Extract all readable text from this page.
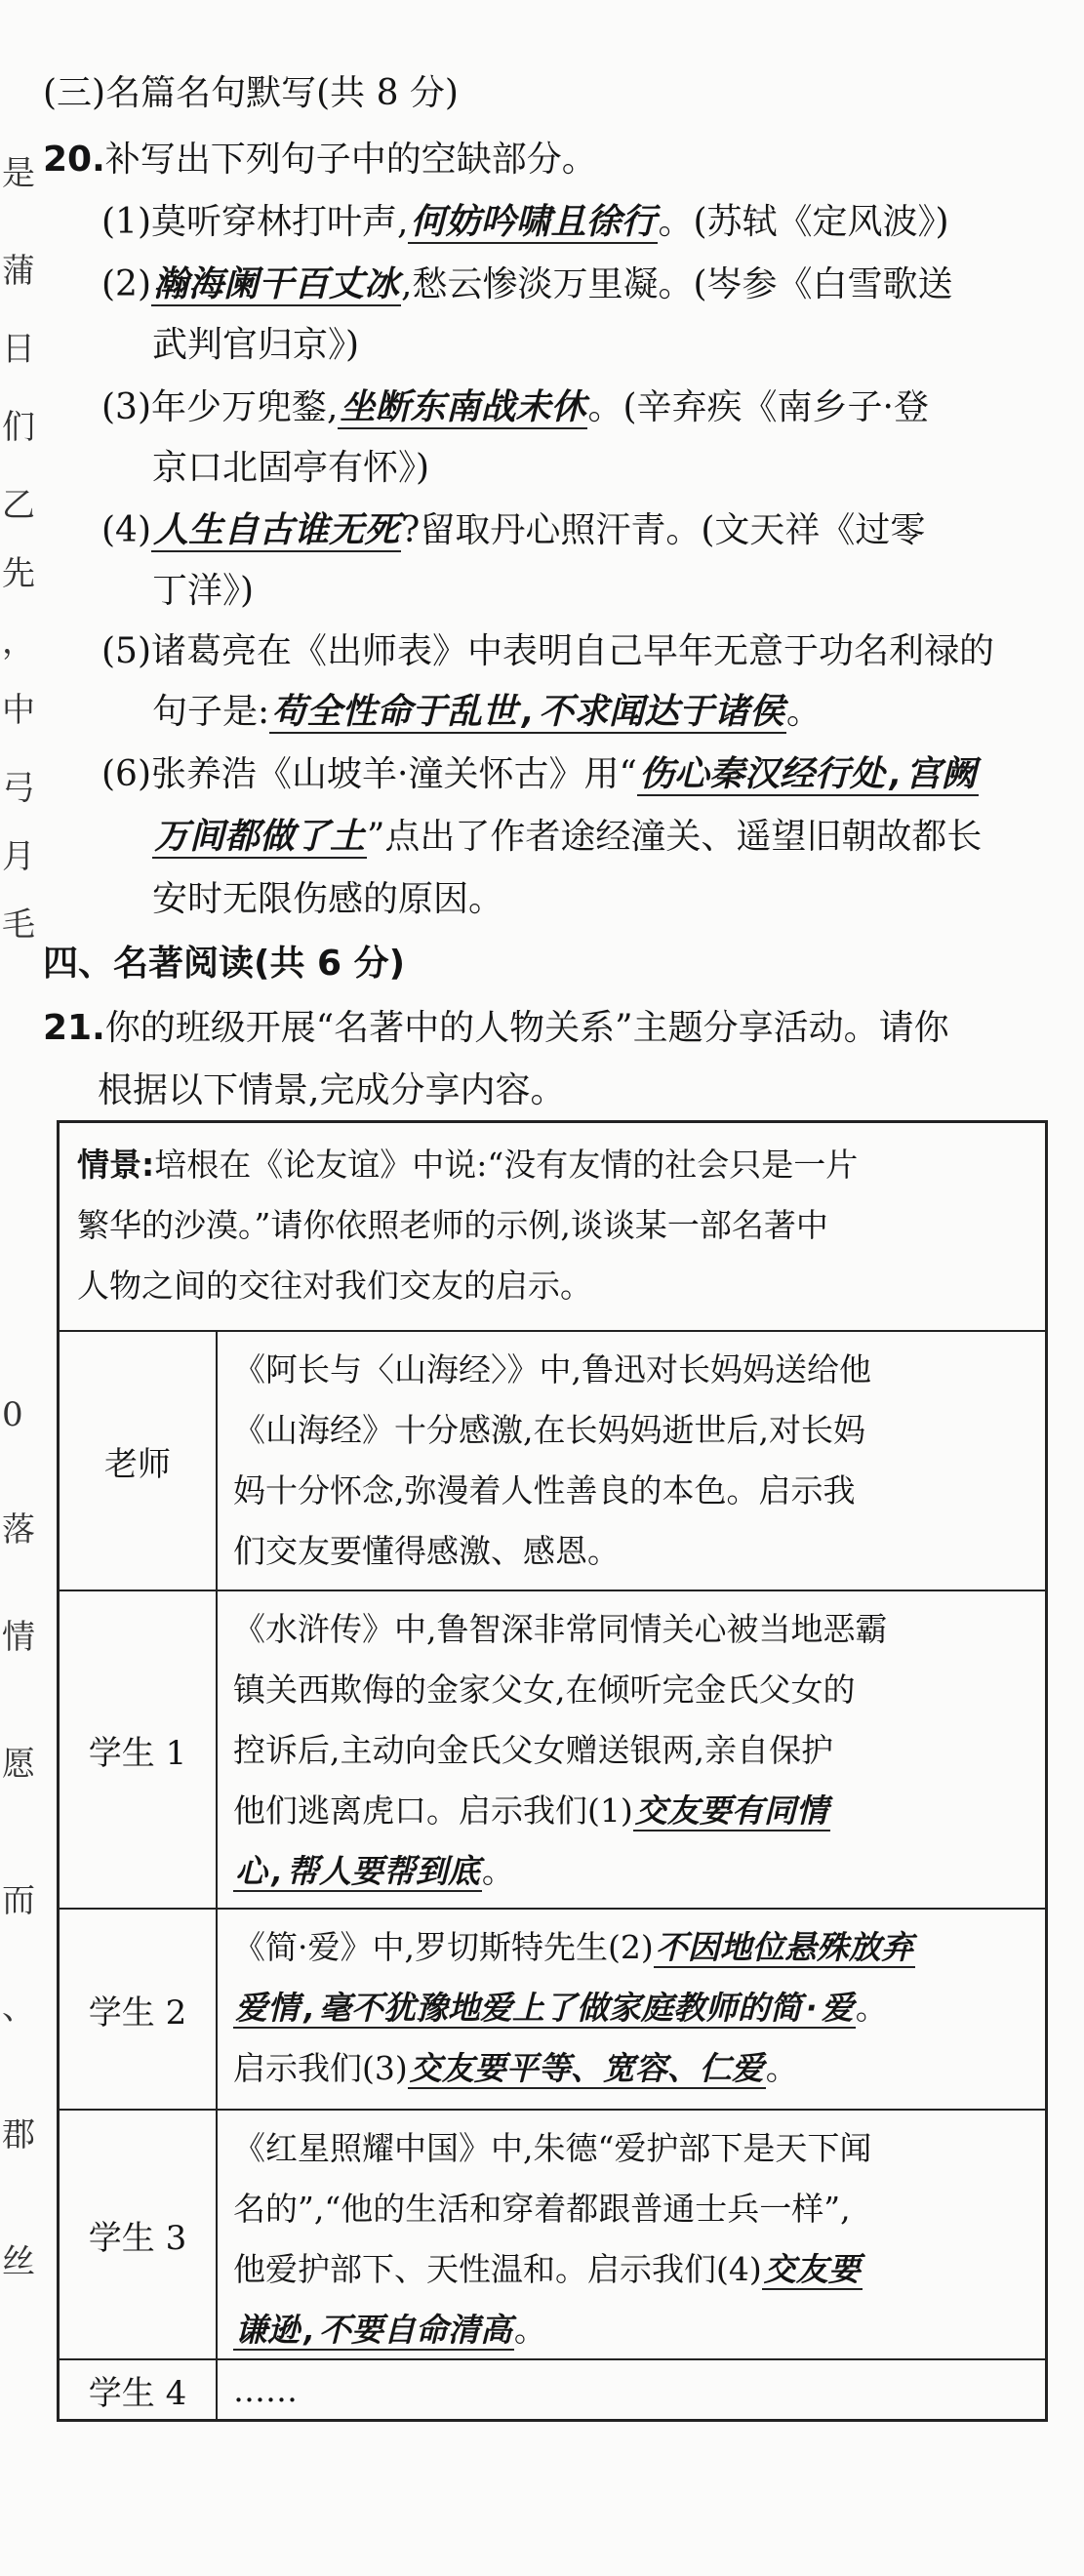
是
蒲
日
们
乙
先
，
中
弓
月
毛
0
落
情
愿
而
、
郡
丝
(三)名篇名句默写(共 8 分)
20.补写出下列句子中的空缺部分。
(1)莫听穿林打叶声,何妨吟啸且徐行。(苏轼《定风波》)
(2)瀚海阑干百丈冰,愁云惨淡万里凝。(岑参《白雪歌送
武判官归京》)
(3)年少万兜鍪,坐断东南战未休。(辛弃疾《南乡子·登
京口北固亭有怀》)
(4)人生自古谁无死?留取丹心照汗青。(文天祥《过零
丁洋》)
(5)诸葛亮在《出师表》中表明自己早年无意于功名利禄的
句子是:苟全性命于乱世,不求闻达于诸侯。
(6)张养浩《山坡羊·潼关怀古》用“伤心秦汉经行处,宫阙
万间都做了土”点出了作者途经潼关、遥望旧朝故都长
安时无限伤感的原因。
四、名著阅读(共 6 分)
21.你的班级开展“名著中的人物关系”主题分享活动。请你
根据以下情景,完成分享内容。
情景:培根在《论友谊》中说:“没有友情的社会只是一片
繁华的沙漠。”请你依照老师的示例,谈谈某一部名著中
人物之间的交往对我们交友的启示。
老师
《阿长与〈山海经〉》中,鲁迅对长妈妈送给他
《山海经》十分感激,在长妈妈逝世后,对长妈
妈十分怀念,弥漫着人性善良的本色。启示我
们交友要懂得感激、感恩。
学生 1
《水浒传》中,鲁智深非常同情关心被当地恶霸
镇关西欺侮的金家父女,在倾听完金氏父女的
控诉后,主动向金氏父女赠送银两,亲自保护
他们逃离虎口。启示我们(1)交友要有同情
心,帮人要帮到底。
学生 2
《简·爱》中,罗切斯特先生(2)不因地位悬殊放弃
爱情,毫不犹豫地爱上了做家庭教师的简·爱。
启示我们(3)交友要平等、宽容、仁爱。
学生 3
《红星照耀中国》中,朱德“爱护部下是天下闻
名的”,“他的生活和穿着都跟普通士兵一样”,
他爱护部下、天性温和。启示我们(4)交友要
谦逊,不要自命清高。
学生 4	……
